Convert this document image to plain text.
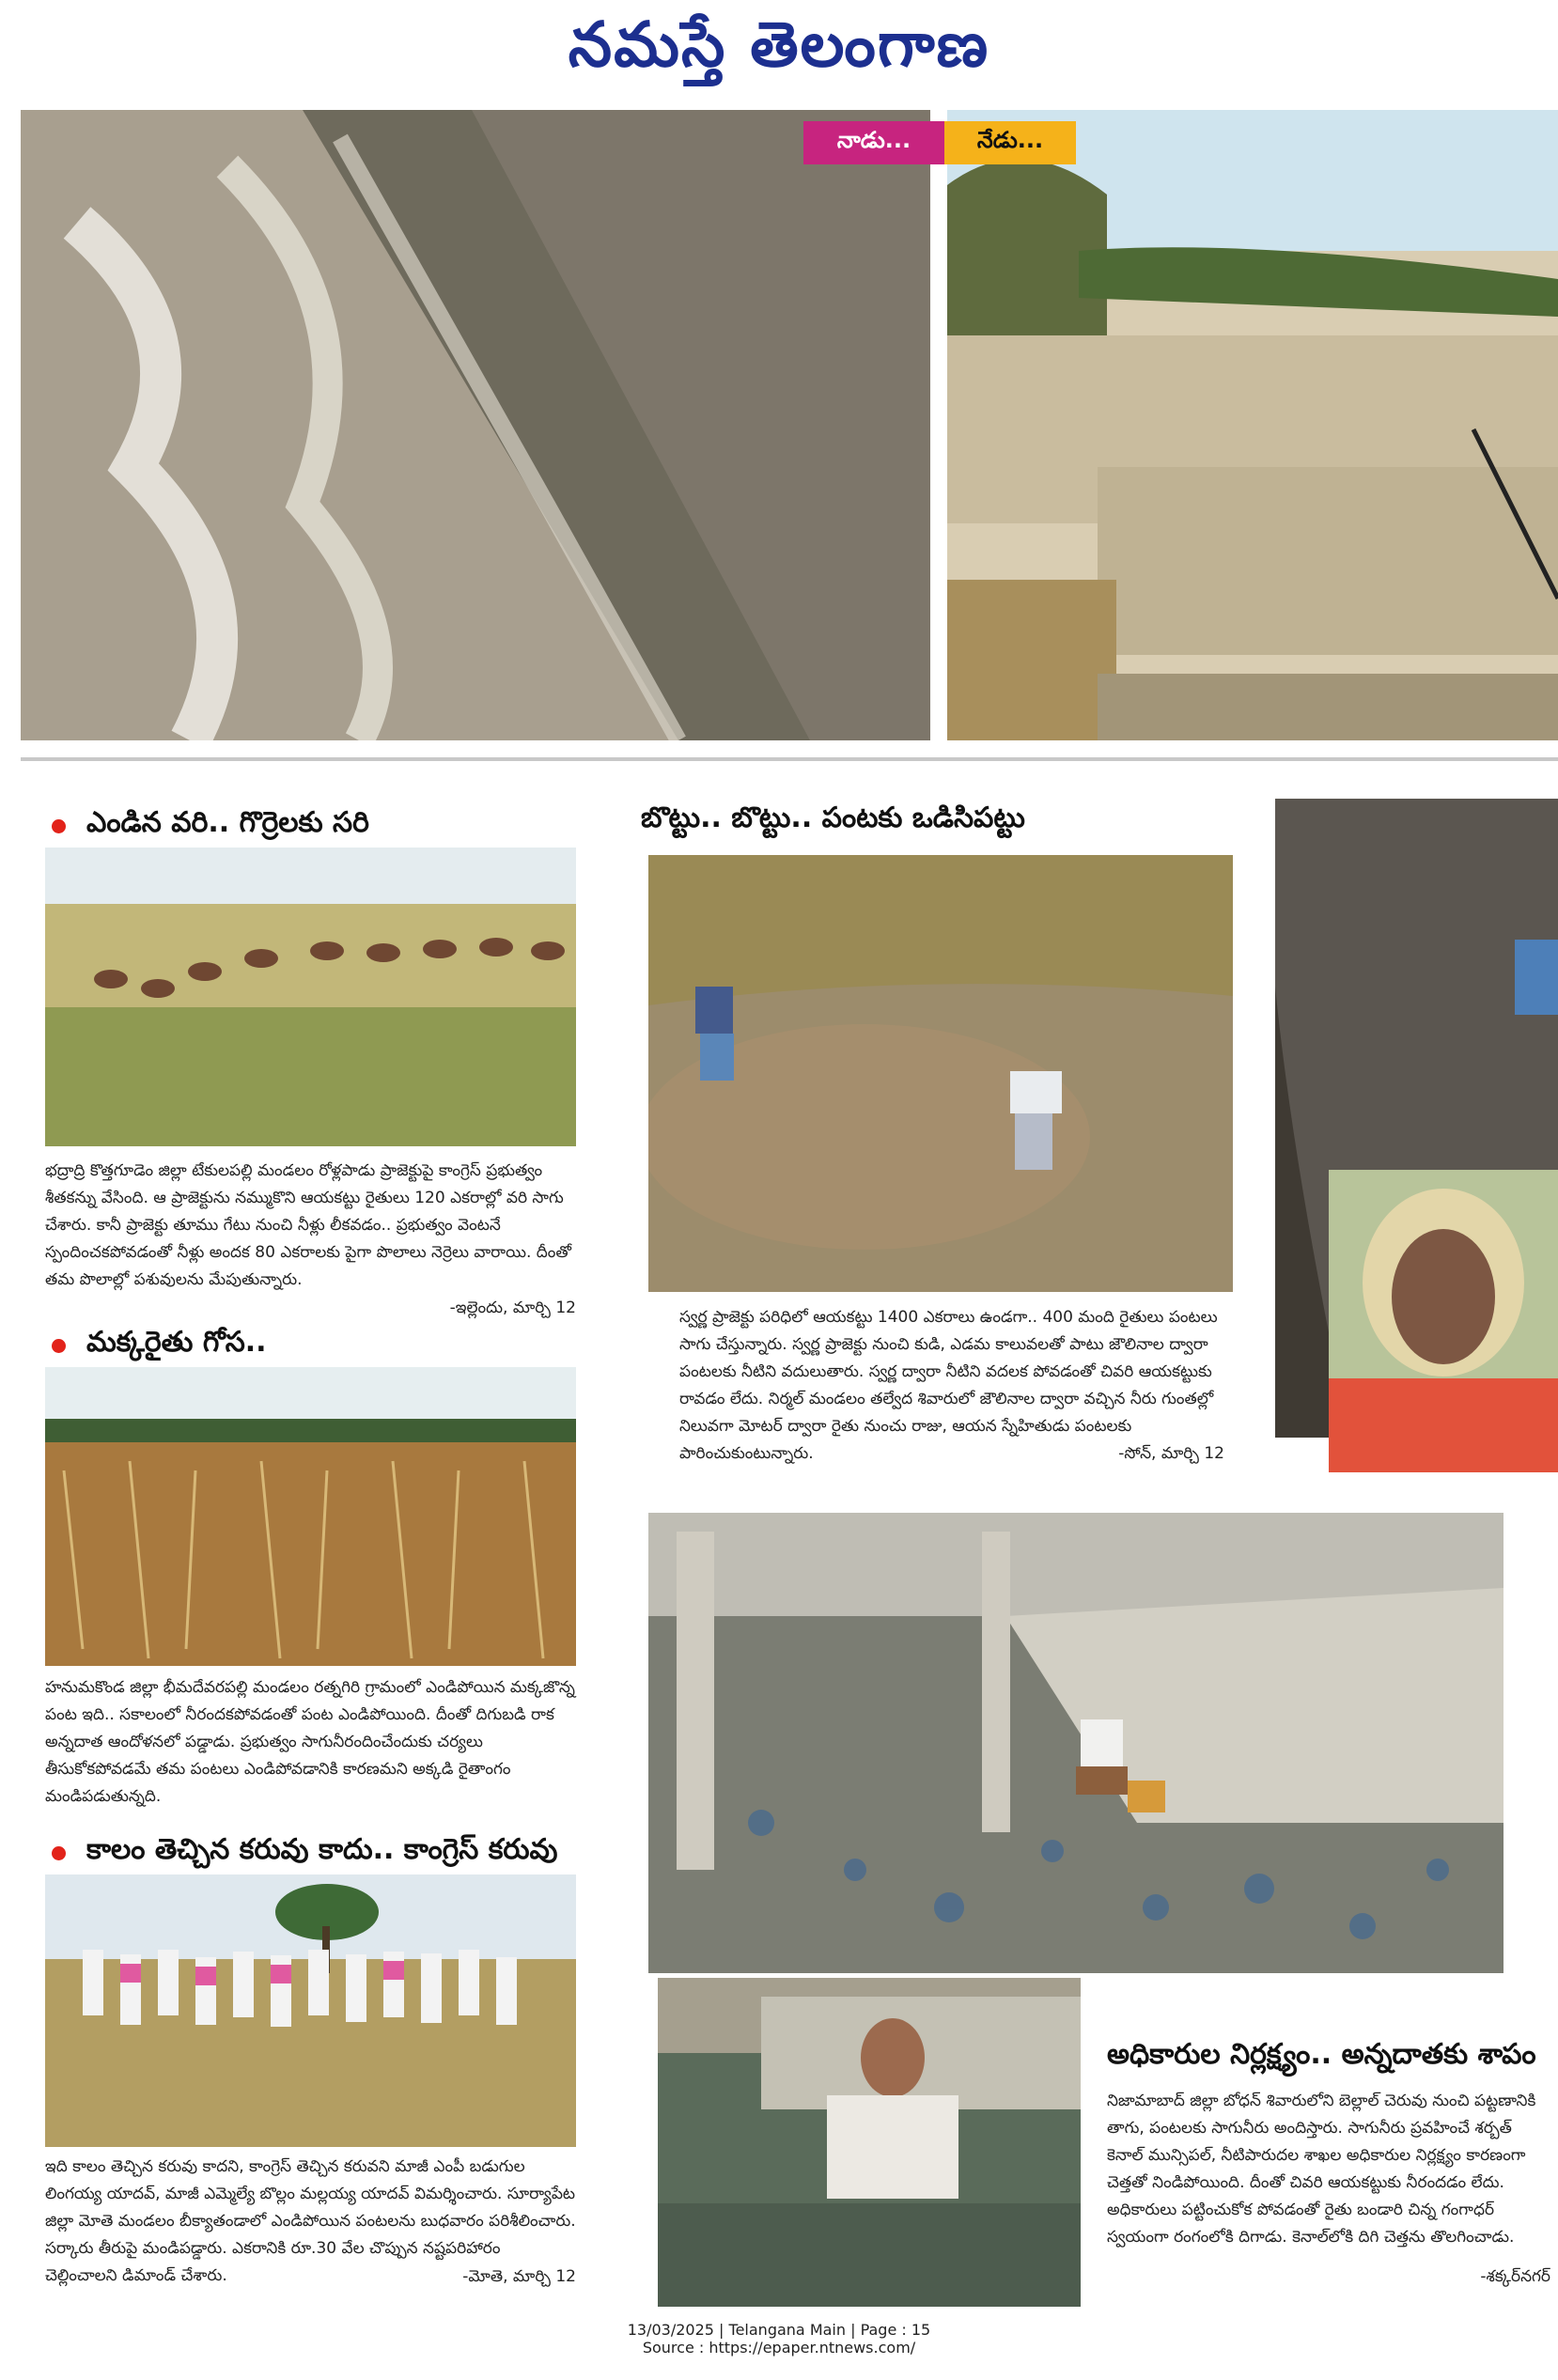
నమస్తే తెలంగాణ
నాడు...	నేడు...
ఎండిన వరి.. గొర్రెలకు సరి
భద్రాద్రి కొత్తగూడెం జిల్లా టేకులపల్లి మండలం రోళ్లపాడు ప్రాజెక్టుపై కాంగ్రెస్ ప్రభుత్వం శీతకన్ను వేసింది. ఆ ప్రాజెక్టును నమ్ముకొని ఆయకట్టు రైతులు 120 ఎకరాల్లో వరి సాగు చేశారు. కానీ ప్రాజెక్టు తూము గేటు నుంచి నీళ్లు లీకవడం.. ప్రభుత్వం వెంటనే స్పందించకపోవడంతో నీళ్లు అందక 80 ఎకరాలకు పైగా పొలాలు నెర్రెలు వారాయి. దీంతో తమ పొలాల్లో పశువులను మేపుతున్నారు.
-ఇల్లెందు, మార్చి 12
మక్కరైతు గోస..
హనుమకొండ జిల్లా భీమదేవరపల్లి మండలం రత్నగిరి గ్రామంలో ఎండిపోయిన మక్కజొన్న పంట ఇది.. సకాలంలో నీరందకపోవడంతో పంట ఎండిపోయింది. దీంతో దిగుబడి రాక అన్నదాత ఆందోళనలో పడ్డాడు. ప్రభుత్వం సాగునీరందించేందుకు చర్యలు తీసుకోకపోవడమే తమ పంటలు ఎండిపోవడానికి కారణమని అక్కడి రైతాంగం మండిపడుతున్నది.
కాలం తెచ్చిన కరువు కాదు.. కాంగ్రెస్ కరువు
ఇది కాలం తెచ్చిన కరువు కాదని, కాంగ్రెస్ తెచ్చిన కరువని మాజీ ఎంపీ బడుగుల లింగయ్య యాదవ్, మాజీ ఎమ్మెల్యే బొల్లం మల్లయ్య యాదవ్ విమర్శించారు. సూర్యాపేట జిల్లా మోతె మండలం బీక్యాతండాలో ఎండిపోయిన పంటలను బుధవారం పరిశీలించారు. సర్కారు తీరుపై మండిపడ్డారు. ఎకరానికి రూ.30 వేల చొప్పున నష్టపరిహారం చెల్లించాలని డిమాండ్ చేశారు.	-మోతె, మార్చి 12
బొట్టు.. బొట్టు.. పంటకు ఒడిసిపట్టు
స్వర్ణ ప్రాజెక్టు పరిధిలో ఆయకట్టు 1400 ఎకరాలు ఉండగా.. 400 మంది రైతులు పంటలు సాగు చేస్తున్నారు. స్వర్ణ ప్రాజెక్టు నుంచి కుడి, ఎడమ కాలువలతో పాటు జౌలినాల ద్వారా పంటలకు నీటిని వదులుతారు. స్వర్ణ ద్వారా నీటిని వదలక పోవడంతో చివరి ఆయకట్టుకు రావడం లేదు. నిర్మల్ మండలం తల్వేద శివారులో జౌలినాల ద్వారా వచ్చిన నీరు గుంతల్లో నిలువగా మోటర్ ద్వారా రైతు నుంచు రాజు, ఆయన స్నేహితుడు పంటలకు పారించుకుంటున్నారు.	-సోన్, మార్చి 12
అధికారుల నిర్లక్ష్యం.. అన్నదాతకు శాపం
నిజామాబాద్ జిల్లా బోధన్ శివారులోని బెల్లాల్ చెరువు నుంచి పట్టణానికి తాగు, పంటలకు సాగునీరు అందిస్తారు. సాగునీరు ప్రవహించే శర్బత్ కెనాల్ మున్సిపల్, నీటిపారుదల శాఖల అధికారుల నిర్లక్ష్యం కారణంగా చెత్తతో నిండిపోయింది. దీంతో చివరి ఆయకట్టుకు నీరందడం లేదు. అధికారులు పట్టించుకోక పోవడంతో రైతు బండారి చిన్న గంగాధర్ స్వయంగా రంగంలోకి దిగాడు. కెనాల్‌లోకి దిగి చెత్తను తొలగించాడు.
-శక్కర్‌నగర్
13/03/2025 | Telangana Main | Page : 15
Source : https://epaper.ntnews.com/
